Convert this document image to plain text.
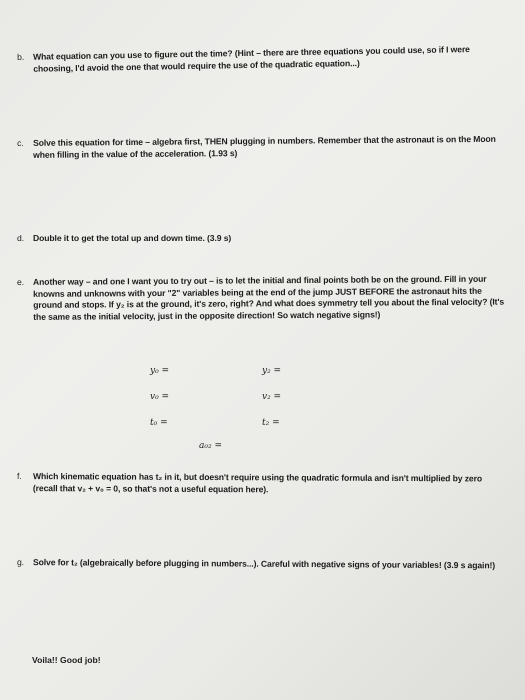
b. What equation can you use to figure out the time? (Hint – there are three equations you could use, so if I were choosing, I'd avoid the one that would require the use of the quadratic equation...)
c. Solve this equation for time – algebra first, THEN plugging in numbers. Remember that the astronaut is on the Moon when filling in the value of the acceleration. (1.93 s)
d. Double it to get the total up and down time. (3.9 s)
e. Another way – and one I want you to try out – is to let the initial and final points both be on the ground. Fill in your knowns and unknowns with your "2" variables being at the end of the jump JUST BEFORE the astronaut hits the ground and stops. If y₂ is at the ground, it's zero, right? And what does symmetry tell you about the final velocity? (It's the same as the initial velocity, just in the opposite direction! So watch negative signs!)
y₀ =	y₂ =
v₀ =	v₂ =
t₀ =	t₂ =
a₀₂ =
f. Which kinematic equation has t₂ in it, but doesn't require using the quadratic formula and isn't multiplied by zero (recall that v₂ + v₀ = 0, so that's not a useful equation here).
g. Solve for t₂ (algebraically before plugging in numbers...). Careful with negative signs of your variables! (3.9 s again!)
Voila!! Good job!
